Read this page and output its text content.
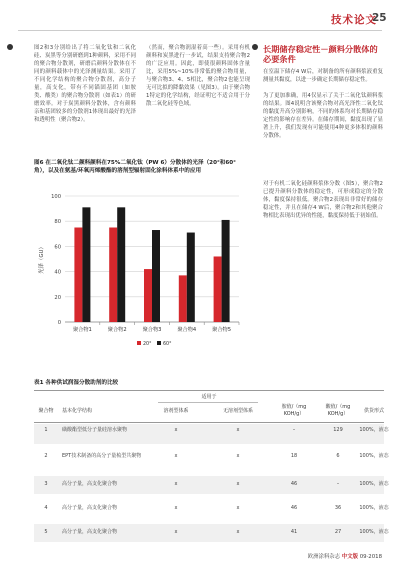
技术论文
25
图2和3分别给出了将二氧化钛和二氧化硅、炭黑等分别研磨到1种颜料，采用不同的聚合物分散剂，研磨后颜料分散体在不同的颜料载体中的光泽测量结果。采用了不同化学结构的聚合物分散剂，高分子量，高支化，带有不同锚固基团（如胺类、酸类）的聚合物分散剂（如表1）的研磨效率。对于炭黑颜料分散体，含有颜料亲和基团较多的分散剂1体现出最好的光泽和透明性（聚合物2）。
（然而，聚合物润湿着高一些）。采用有机颜料和炭黑进行一步试，结果支持聚合物2的广泛应用。因此，即使很颜料固体含量比，采用5%~10%非常低的聚合物用量，与聚合物3、4、5相比，聚合物2也能呈现无可比拟的降黏效果（见图3）。由于聚合物1特定的化学结构，经证明它不适合用于分散二氧化硅等色域。
长期储存稳定性－颜料分散体的必要条件
在室温下储存4 W后，对制备的所有颜料浆液重复测量其黏度，以进一步确定长期储存稳定性。
为了更加准确，用4仅显示了关于二氧化钛颜料浆的结果。图4说明含该聚合物对高光泽性二氧化钛的黏度升高分别影响，不同的体系均对长期储存稳定性的影响存在差异。在储存期间，黏度出现了显著上升，我们发现有可能使用4种更多体积的颜料分散体。
对于有机二氧化硅颜料浆体分数（图5），聚合物2已提升颜料分散体的稳定性，可形成稳定的分散体，黏度保持很低。聚合物2表现出非常好的储存稳定性，并且在储存4 W后，聚合物2和其他聚合物相比表现出优异的性能，黏度保持低于初始值。
图6 在二氧化钛二颜料颜料在75%二氧化钛（PW 6）分散体的光泽（20°和60°角），以及在氨基/环氧丙烯酸酯的溶剂型辐射固化涂料体系中的应用
0
20
40
60
80
100
光泽（GU）
聚合物1	聚合物2	聚合物3	聚合物4	聚合物5
20° 60°
表1 各种供试润湿分散助剂的比较
适用于
聚合物	基本化学结构	溶剂型体系	无溶剂型体系
胺值/（mg KOH/g）
酸值/（mg KOH/g）	供货形式
1	磺酸酯型低分子量硅溶水聚物	x	x	–	129	100%，液态
2	EPT技术制备的高分子量梳型共聚物	x	x	18	6	100%，液态
3	高分子量，高支化聚合物	x	x	46	–	100%，液态
4	高分子量，高支化聚合物	x	x	46	36	100%，液态
5	高分子量，高支化聚合物	x	x	41	27	100%，液态
欧洲涂料杂志 中文版 09·2018
